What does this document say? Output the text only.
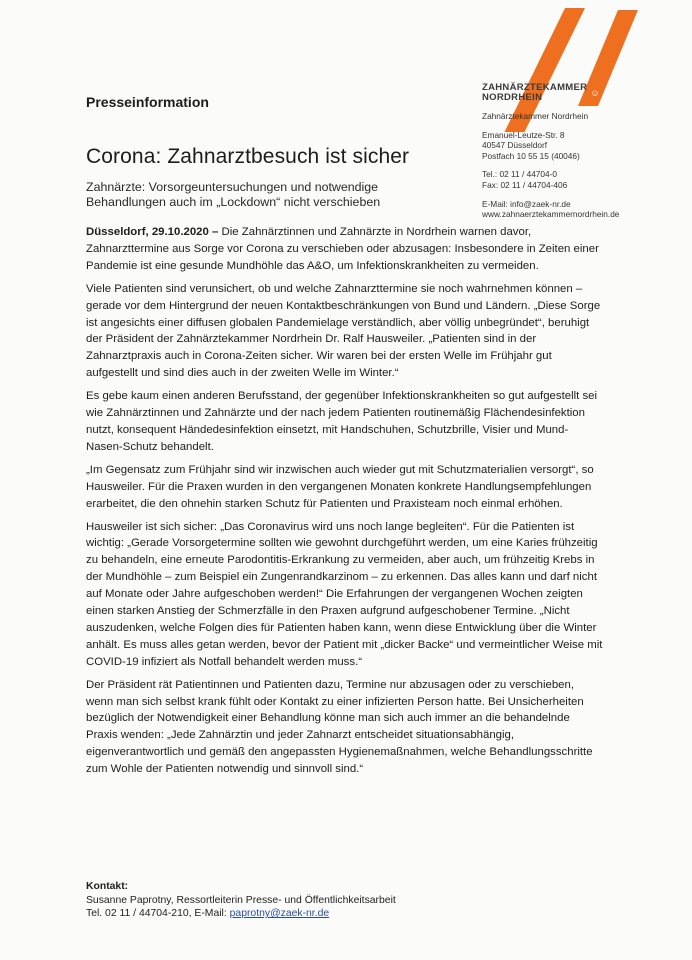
ZAHNÄRZTEKAMMER
NORDRHEIN	☺
Presseinformation
Zahnärztekammer Nordrhein
Emanuel-Leutze-Str. 8
40547 Düsseldorf
Postfach 10 55 15 (40046)
Tel.: 02 11 / 44704-0
Fax: 02 11 / 44704-406
E-Mail: info@zaek-nr.de
www.zahnaerztekammernordrhein.de
Corona: Zahnarztbesuch ist sicher
Zahnärzte: Vorsorgeuntersuchungen und notwendige Behandlungen auch im „Lockdown“ nicht verschieben

Düsseldorf, 29.10.2020 – Die Zahnärztinnen und Zahnärzte in Nordrhein warnen davor, Zahnarzttermine aus Sorge vor Corona zu verschieben oder abzusagen: Insbesondere in Zeiten einer Pandemie ist eine gesunde Mundhöhle das A&O, um Infektionskrankheiten zu vermeiden.

Viele Patienten sind verunsichert, ob und welche Zahnarzttermine sie noch wahrnehmen können – gerade vor dem Hintergrund der neuen Kontaktbeschränkungen von Bund und Ländern. „Diese Sorge ist angesichts einer diffusen globalen Pandemielage verständlich, aber völlig unbegründet“, beruhigt der Präsident der Zahnärztekammer Nordrhein Dr. Ralf Hausweiler. „Patienten sind in der Zahnarztpraxis auch in Corona-Zeiten sicher. Wir waren bei der ersten Welle im Frühjahr gut aufgestellt und sind dies auch in der zweiten Welle im Winter.“

Es gebe kaum einen anderen Berufsstand, der gegenüber Infektionskrankheiten so gut aufgestellt sei wie Zahnärztinnen und Zahnärzte und der nach jedem Patienten routinemäßig Flächendesinfektion nutzt, konsequent Händedesinfektion einsetzt, mit Handschuhen, Schutzbrille, Visier und Mund-Nasen-Schutz behandelt.

„Im Gegensatz zum Frühjahr sind wir inzwischen auch wieder gut mit Schutzmaterialien versorgt“, so Hausweiler. Für die Praxen wurden in den vergangenen Monaten konkrete Handlungsempfehlungen erarbeitet, die den ohnehin starken Schutz für Patienten und Praxisteam noch einmal erhöhen.

Hausweiler ist sich sicher: „Das Coronavirus wird uns noch lange begleiten“. Für die Patienten ist wichtig: „Gerade Vorsorgetermine sollten wie gewohnt durchgeführt werden, um eine Karies frühzeitig zu behandeln, eine erneute Parodontitis-Erkrankung zu vermeiden, aber auch, um frühzeitig Krebs in der Mundhöhle – zum Beispiel ein Zungenrandkarzinom – zu erkennen. Das alles kann und darf nicht auf Monate oder Jahre aufgeschoben werden!“ Die Erfahrungen der vergangenen Wochen zeigten einen starken Anstieg der Schmerzfälle in den Praxen aufgrund aufgeschobener Termine. „Nicht auszudenken, welche Folgen dies für Patienten haben kann, wenn diese Entwicklung über die Winter anhält. Es muss alles getan werden, bevor der Patient mit „dicker Backe“ und vermeintlicher Weise mit COVID-19 infiziert als Notfall behandelt werden muss.“

Der Präsident rät Patientinnen und Patienten dazu, Termine nur abzusagen oder zu verschieben, wenn man sich selbst krank fühlt oder Kontakt zu einer infizierten Person hatte. Bei Unsicherheiten bezüglich der Notwendigkeit einer Behandlung könne man sich auch immer an die behandelnde Praxis wenden: „Jede Zahnärztin und jeder Zahnarzt entscheidet situationsabhängig, eigenverantwortlich und gemäß den angepassten Hygienemaßnahmen, welche Behandlungsschritte zum Wohle der Patienten notwendig und sinnvoll sind.“

Kontakt:
Susanne Paprotny, Ressortleiterin Presse- und Öffentlichkeitsarbeit
Tel. 02 11 / 44704-210, E-Mail: paprotny@zaek-nr.de
